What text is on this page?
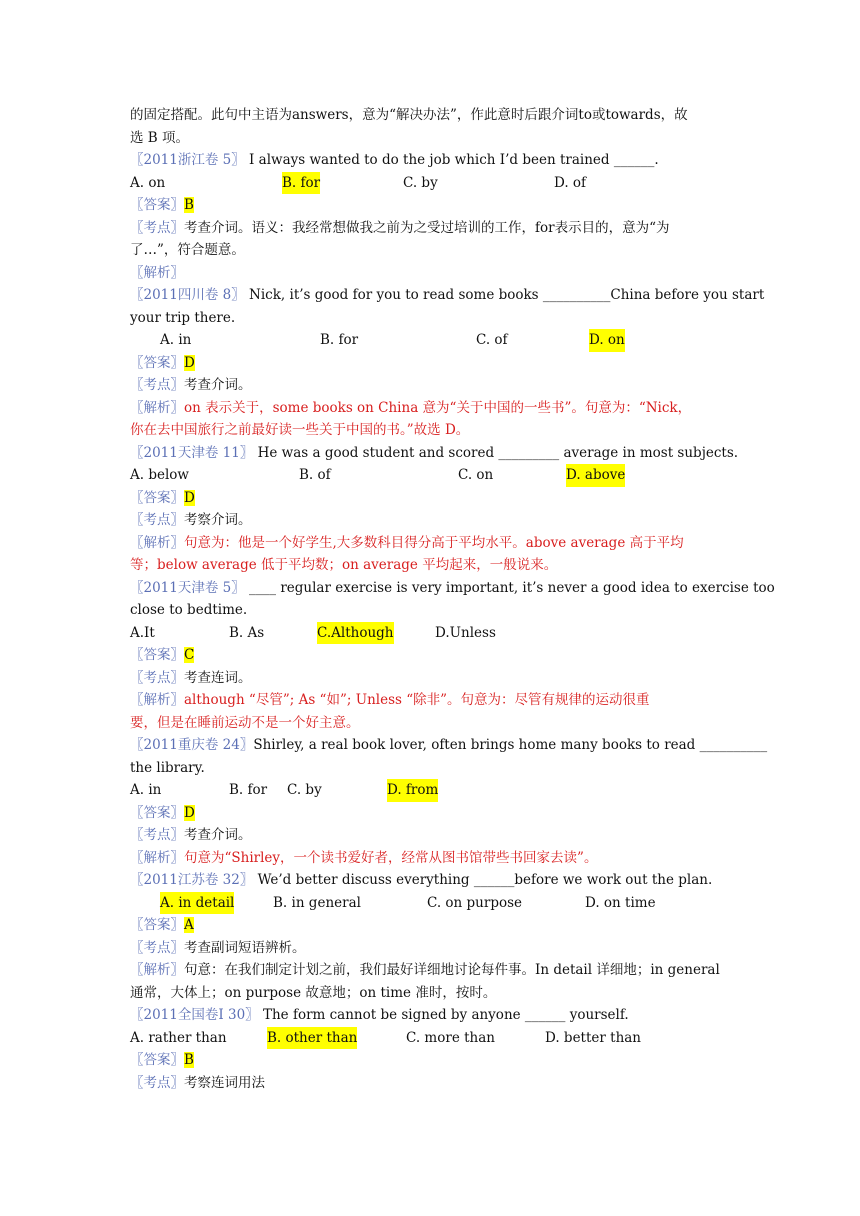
的固定搭配。此句中主语为answers，意为“解决办法”，作此意时后跟介词to或towards，故
选 B 项。
〖2011浙江卷 5〗 I always wanted to do the job which I’d been trained ______.
A. on	B. for	C. by	D. of
〖答案〗B
〖考点〗考查介词。语义：我经常想做我之前为之受过培训的工作，for表示目的，意为“为
了…”，符合题意。
〖解析〗
〖2011四川卷 8〗 Nick, it’s good for you to read some books __________China before you start
your trip there.
A. in	B. for	C. of	D. on
〖答案〗D
〖考点〗考查介词。
〖解析〗on 表示关于，some books on China 意为“关于中国的一些书”。句意为：“Nick，
你在去中国旅行之前最好读一些关于中国的书。”故选 D。
〖2011天津卷 11〗 He was a good student and scored _________ average in most subjects.
A. below	B. of	C. on	D. above
〖答案〗D
〖考点〗考察介词。
〖解析〗句意为：他是一个好学生,大多数科目得分高于平均水平。above average 高于平均
等；below average 低于平均数；on average 平均起来，一般说来。
〖2011天津卷 5〗 ____ regular exercise is very important, it’s never a good idea to exercise too
close to bedtime.
A.It	B. As	C.Although	D.Unless
〖答案〗C
〖考点〗考查连词。
〖解析〗although “尽管”; As “如”; Unless “除非”。句意为：尽管有规律的运动很重
要，但是在睡前运动不是一个好主意。
〖2011重庆卷 24〗Shirley, a real book lover, often brings home many books to read __________
the library.
A. in	B. for C. by	D. from
〖答案〗D
〖考点〗考查介词。
〖解析〗句意为“Shirley，一个读书爱好者，经常从图书馆带些书回家去读”。
〖2011江苏卷 32〗 We’d better discuss everything ______before we work out the plan.
A. in detail	B. in general	C. on purpose	D. on time
〖答案〗A
〖考点〗考查副词短语辨析。
〖解析〗句意：在我们制定计划之前，我们最好详细地讨论每件事。In detail 详细地；in general
通常，大体上；on purpose 故意地；on time 准时，按时。
〖2011全国卷I 30〗 The form cannot be signed by anyone ______ yourself.
A. rather than	B. other than	C. more than	D. better than
〖答案〗B
〖考点〗考察连词用法
